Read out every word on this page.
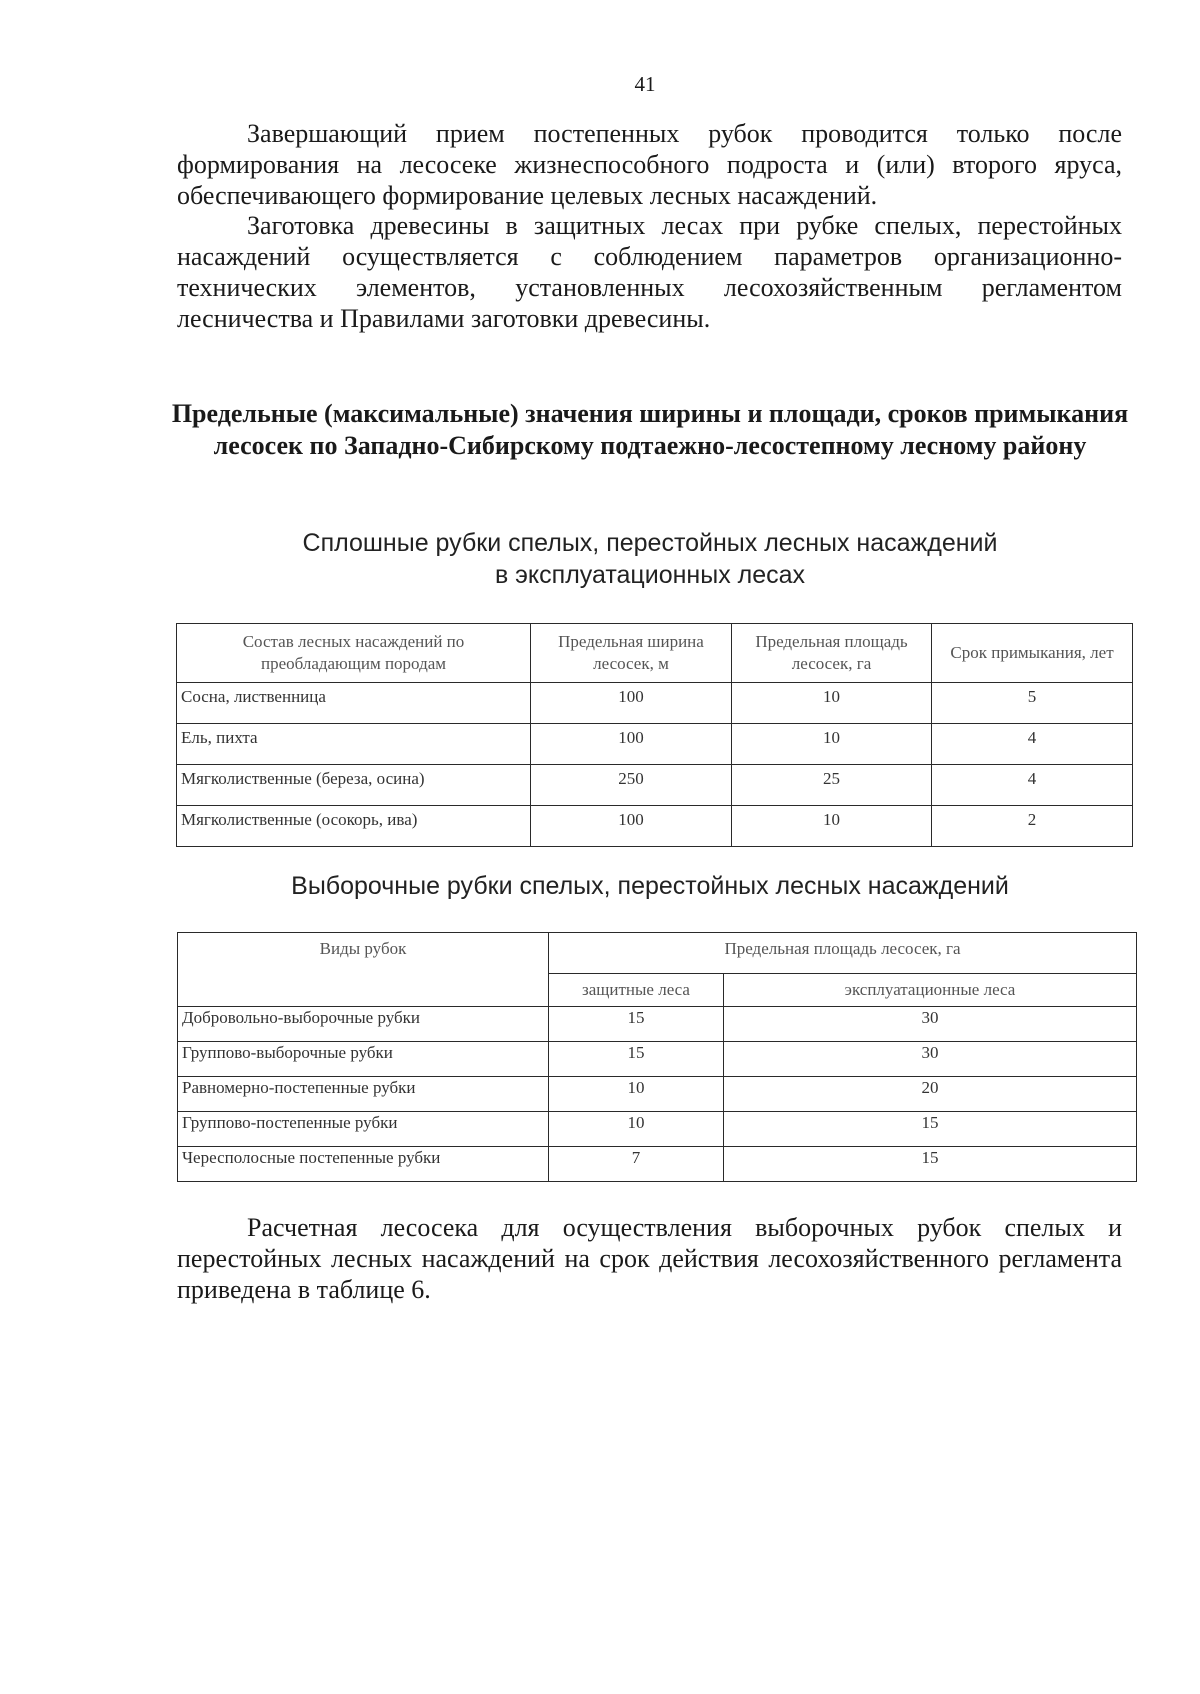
41

Завершающий прием постепенных рубок проводится только после формирования на лесосеке жизнеспособного подроста и (или) второго яруса, обеспечивающего формирование целевых лесных насаждений.

Заготовка древесины в защитных лесах при рубке спелых, перестойных насаждений осуществляется с соблюдением параметров организационно-технических элементов, установленных лесохозяйственным регламентом лесничества и Правилами заготовки древесины.

Предельные (максимальные) значения ширины и площади, сроков примыкания лесосек по Западно-Сибирскому подтаежно-лесостепному лесному району
Сплошные рубки спелых, перестойных лесных насаждений
в эксплуатационных лесах
Состав лесных насаждений по преобладающим породам	Предельная ширина лесосек, м	Предельная площадь лесосек, га	Срок примыкания, лет
Сосна, лиственница	100	10	5
Ель, пихта	100	10	4
Мягколиственные (береза, осина)	250	25	4
Мягколиственные (осокорь, ива)	100	10	2
Выборочные рубки спелых, перестойных лесных насаждений
Виды рубок	Предельная площадь лесосек, га	
	защитные леса	эксплуатационные леса
Добровольно-выборочные рубки	15	30
Группово-выборочные рубки	15	30
Равномерно-постепенные рубки	10	20
Группово-постепенные рубки	10	15
Чересполосные постепенные рубки	7	15

Расчетная лесосека для осуществления выборочных рубок спелых и перестойных лесных насаждений на срок действия лесохозяйственного регламента приведена в таблице 6.
